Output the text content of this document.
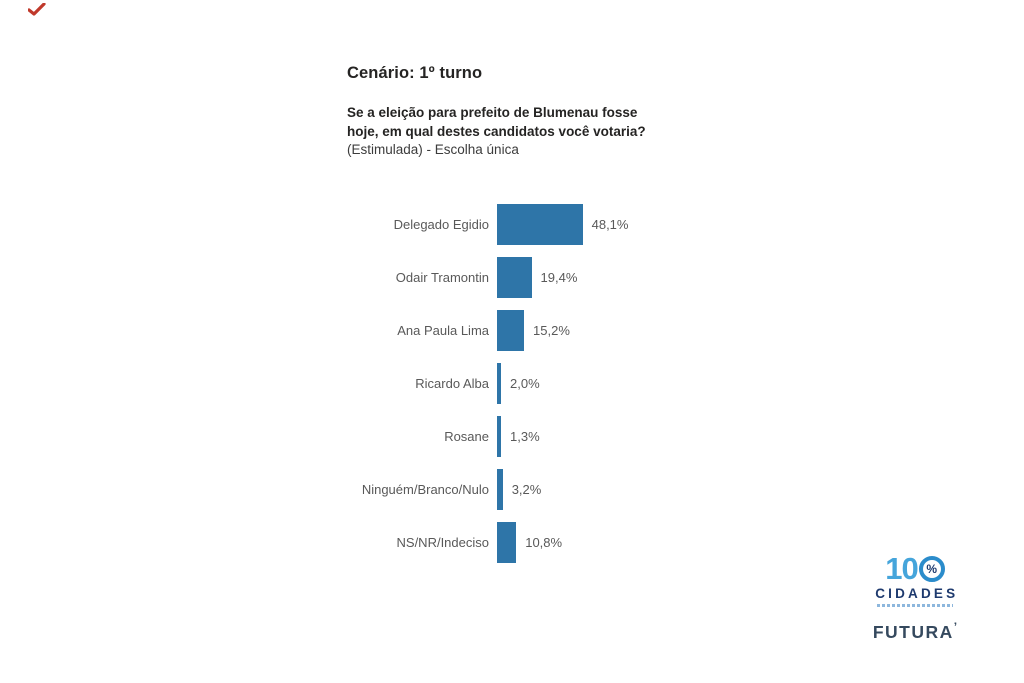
Cenário: 1º turno
Se a eleição para prefeito de Blumenau fosse hoje, em qual destes candidatos você votaria?
(Estimulada) - Escolha única
Delegado Egidio	48,1%
Odair Tramontin	19,4%
Ana Paula Lima	15,2%
Ricardo Alba	2,0%
Rosane	1,3%
Ninguém/Branco/Nulo	3,2%
NS/NR/Indeciso	10,8%
10 %
CIDADES
FUTURA’
